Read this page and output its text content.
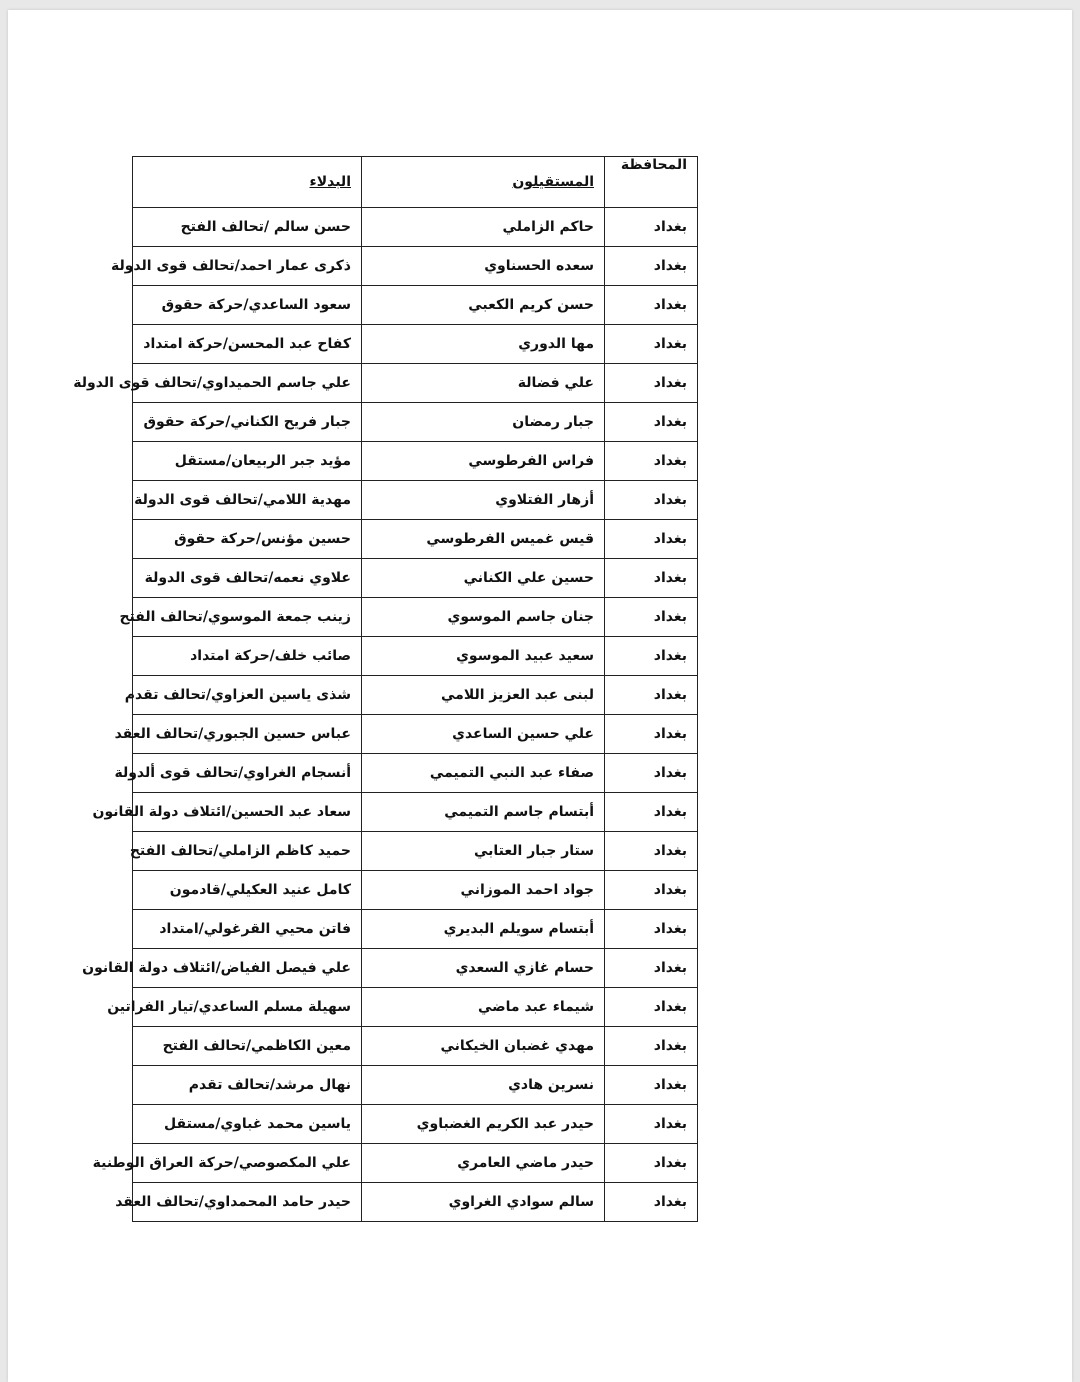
المحافظة	المستقيلون	البدلاء
بغداد	حاكم الزاملي	حسن سالم /تحالف الفتح
بغداد	سعده الحسناوي	ذكرى عمار احمد/تحالف قوى الدولة
بغداد	حسن كريم الكعبي	سعود الساعدي/حركة حقوق
بغداد	مها الدوري	كفاح عبد المحسن/حركة امتداد
بغداد	علي فضالة	علي جاسم الحميداوي/تحالف قوى الدولة
بغداد	جبار رمضان	جبار فريح الكناني/حركة حقوق
بغداد	فراس الفرطوسي	مؤيد جبر الربيعان/مستقل
بغداد	أزهار الفتلاوي	مهدية اللامي/تحالف قوى الدولة
بغداد	قيس غميس الفرطوسي	حسين مؤنس/حركة حقوق
بغداد	حسين علي الكناني	علاوي نعمه/تحالف قوى الدولة
بغداد	جنان جاسم الموسوي	زينب جمعة الموسوي/تحالف الفتح
بغداد	سعيد عبيد الموسوي	صائب خلف/حركة امتداد
بغداد	لبنى عبد العزيز اللامي	شذى ياسين العزاوي/تحالف تقدم
بغداد	علي حسين الساعدي	عباس حسين الجبوري/تحالف العقد
بغداد	صفاء عبد النبي التميمي	أنسجام الغراوي/تحالف قوى ألدولة
بغداد	أبتسام جاسم التميمي	سعاد عبد الحسين/ائتلاف دولة القانون
بغداد	ستار جبار العتابي	حميد كاظم الزاملي/تحالف الفتح
بغداد	جواد احمد الموزاني	كامل عنيد العكيلي/قادمون
بغداد	أبتسام سويلم البديري	فاتن محيي القرغولي/امتداد
بغداد	حسام غازي السعدي	علي فيصل الفياض/ائتلاف دولة القانون
بغداد	شيماء عبد ماضي	سهيلة مسلم الساعدي/تيار الفراتين
بغداد	مهدي غضبان الخيكاني	معين الكاظمي/تحالف الفتح
بغداد	نسرين هادي	نهال مرشد/تحالف تقدم
بغداد	حيدر عبد الكريم الغضباوي	ياسين محمد غباوي/مستقل
بغداد	حيدر ماضي العامري	علي المكصوصي/حركة العراق الوطنية
بغداد	سالم سوادي الغراوي	حيدر حامد المحمداوي/تحالف العقد
